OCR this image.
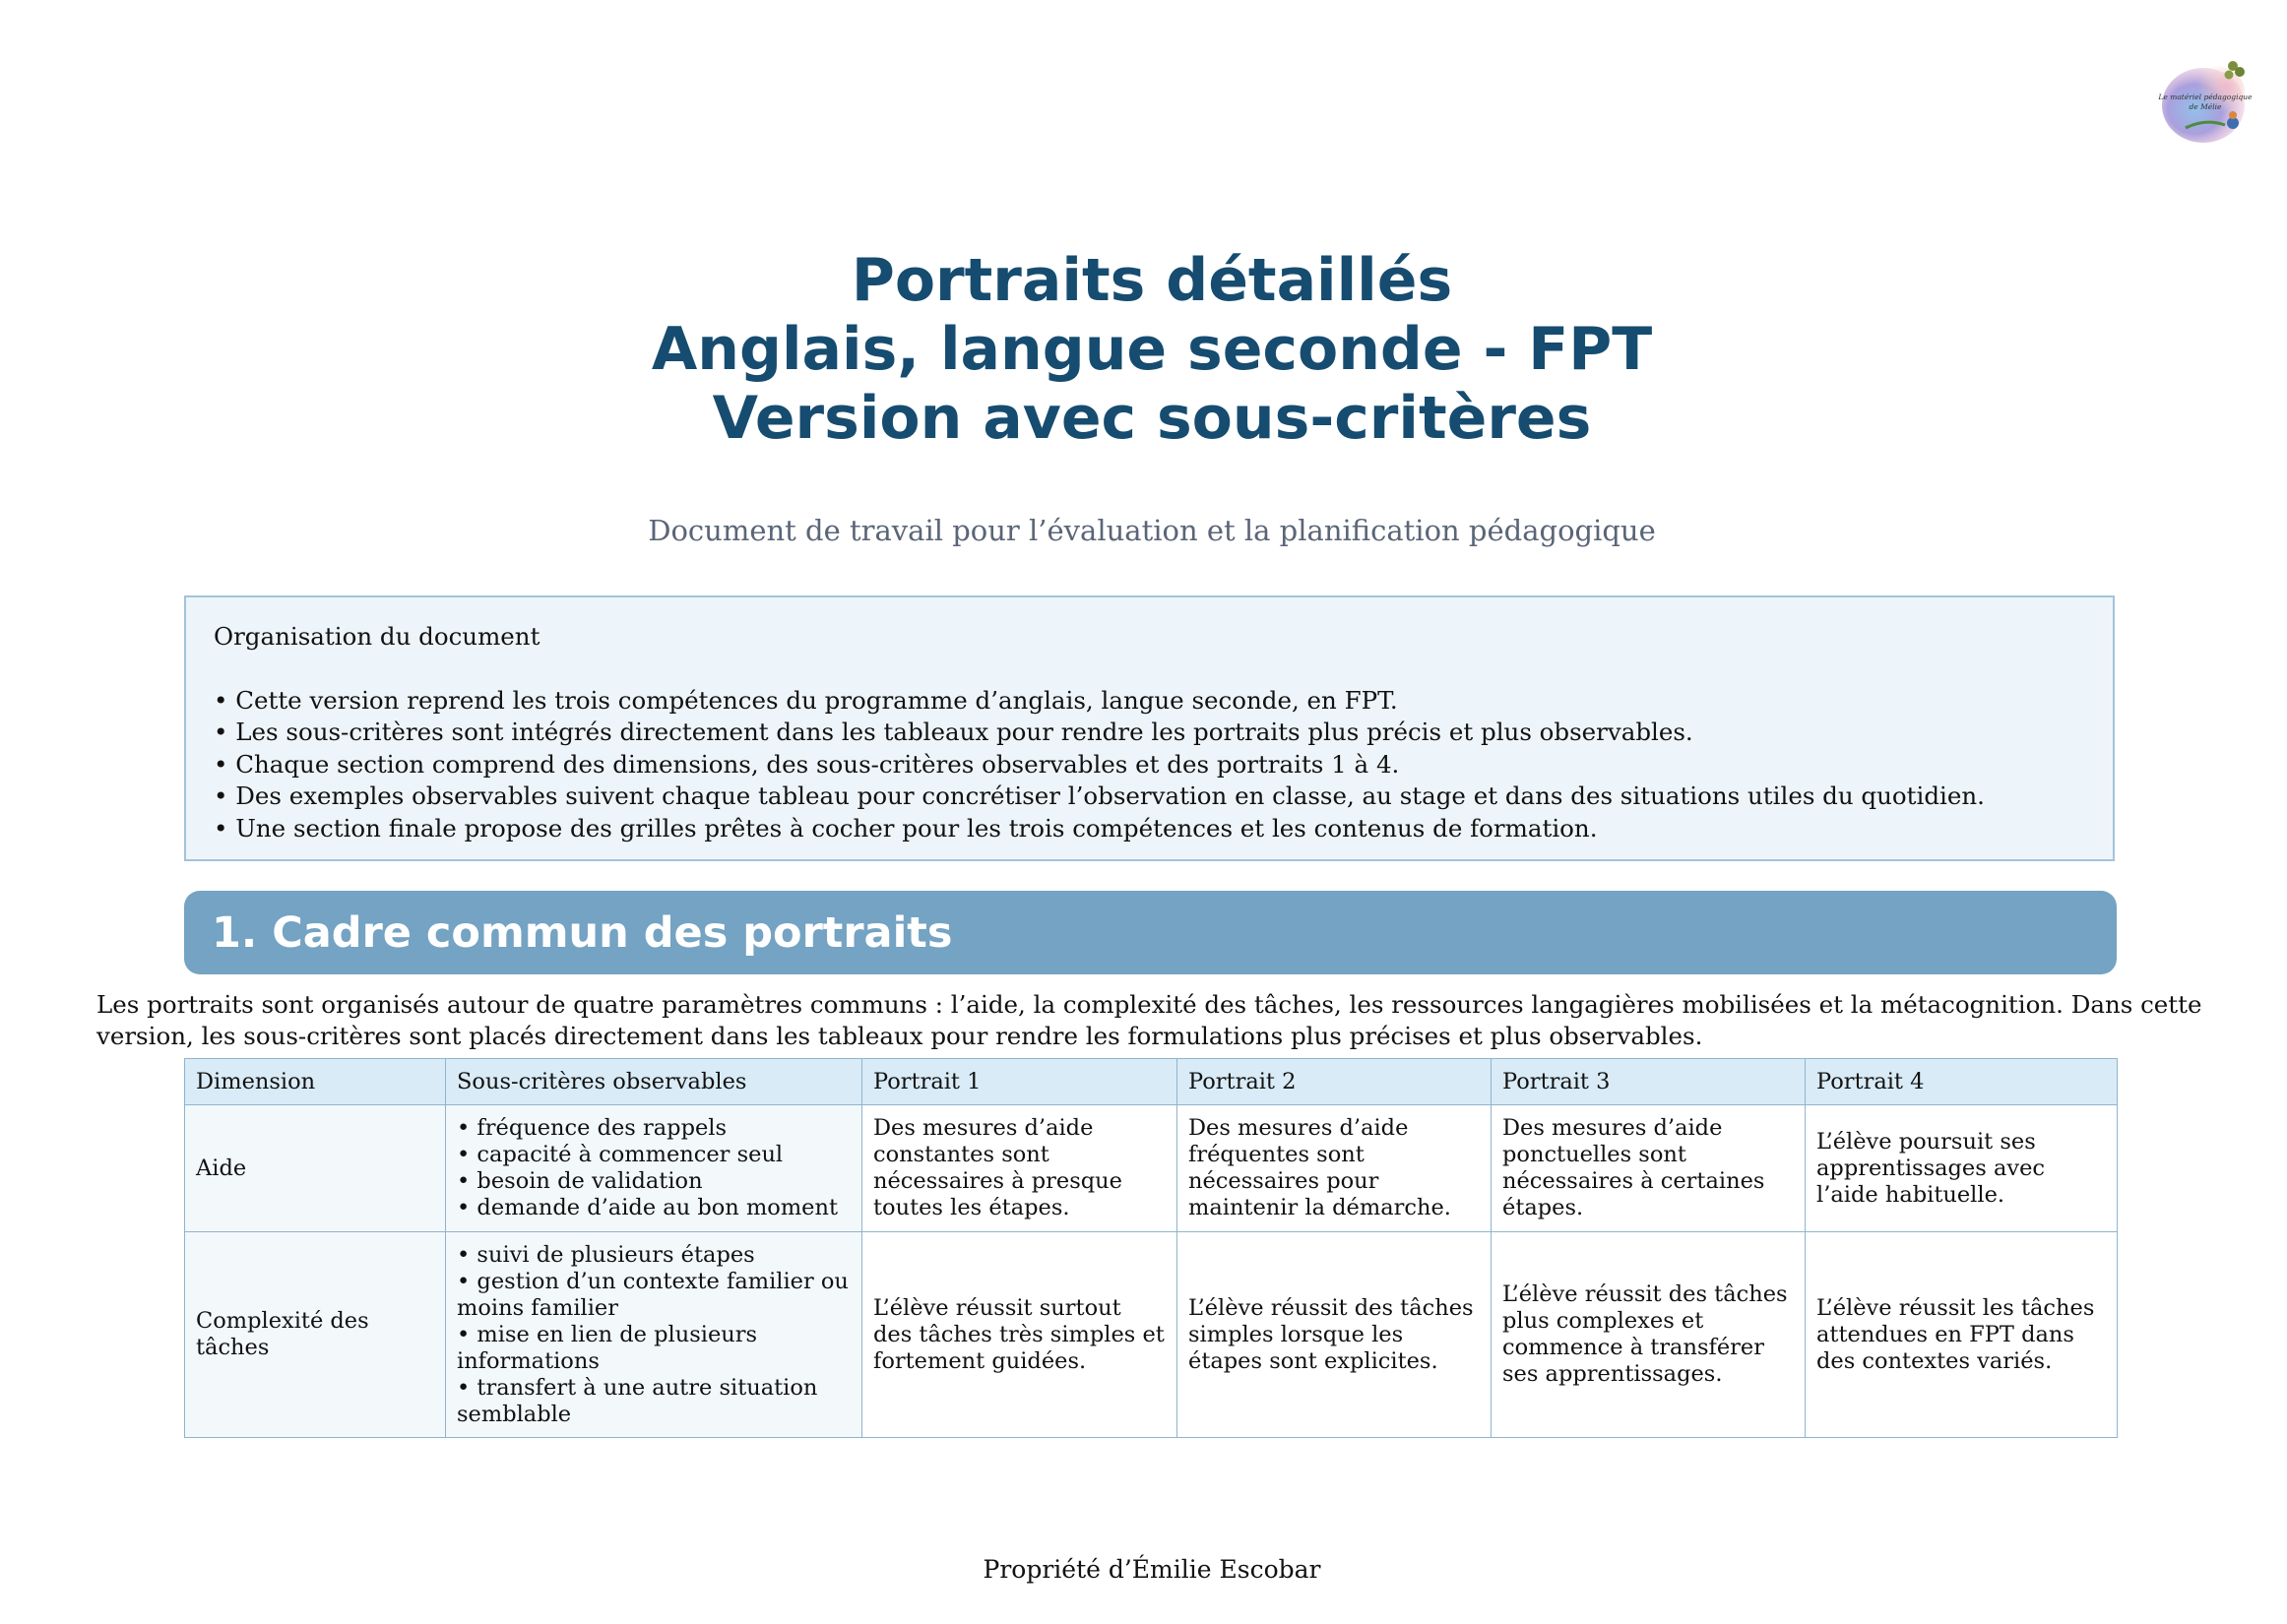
Le matériel pédagogique
de Mélie
Portraits détaillés
Anglais, langue seconde - FPT
Version avec sous-critères
Document de travail pour l’évaluation et la planification pédagogique
Organisation du document
• Cette version reprend les trois compétences du programme d’anglais, langue seconde, en FPT.
• Les sous-critères sont intégrés directement dans les tableaux pour rendre les portraits plus précis et plus observables.
• Chaque section comprend des dimensions, des sous-critères observables et des portraits 1 à 4.
• Des exemples observables suivent chaque tableau pour concrétiser l’observation en classe, au stage et dans des situations utiles du quotidien.
• Une section finale propose des grilles prêtes à cocher pour les trois compétences et les contenus de formation.
1. Cadre commun des portraits
Les portraits sont organisés autour de quatre paramètres communs : l’aide, la complexité des tâches, les ressources langagières mobilisées et la métacognition. Dans cette version, les sous-critères sont placés directement dans les tableaux pour rendre les formulations plus précises et plus observables.
Dimension	Sous-critères observables	Portrait 1	Portrait 2	Portrait 3	Portrait 4
Aide	• fréquence des rappels
• capacité à commencer seul
• besoin de validation
• demande d’aide au bon moment	Des mesures d’aide constantes sont nécessaires à presque toutes les étapes.	Des mesures d’aide fréquentes sont nécessaires pour maintenir la démarche.	Des mesures d’aide ponctuelles sont nécessaires à certaines étapes.	L’élève poursuit ses apprentissages avec l’aide habituelle.
Complexité des tâches	• suivi de plusieurs étapes
• gestion d’un contexte familier ou moins familier
• mise en lien de plusieurs informations
• transfert à une autre situation semblable	L’élève réussit surtout des tâches très simples et fortement guidées.	L’élève réussit des tâches simples lorsque les étapes sont explicites.	L’élève réussit des tâches plus complexes et commence à transférer ses apprentissages.	L’élève réussit les tâches attendues en FPT dans des contextes variés.
Propriété d’Émilie Escobar
